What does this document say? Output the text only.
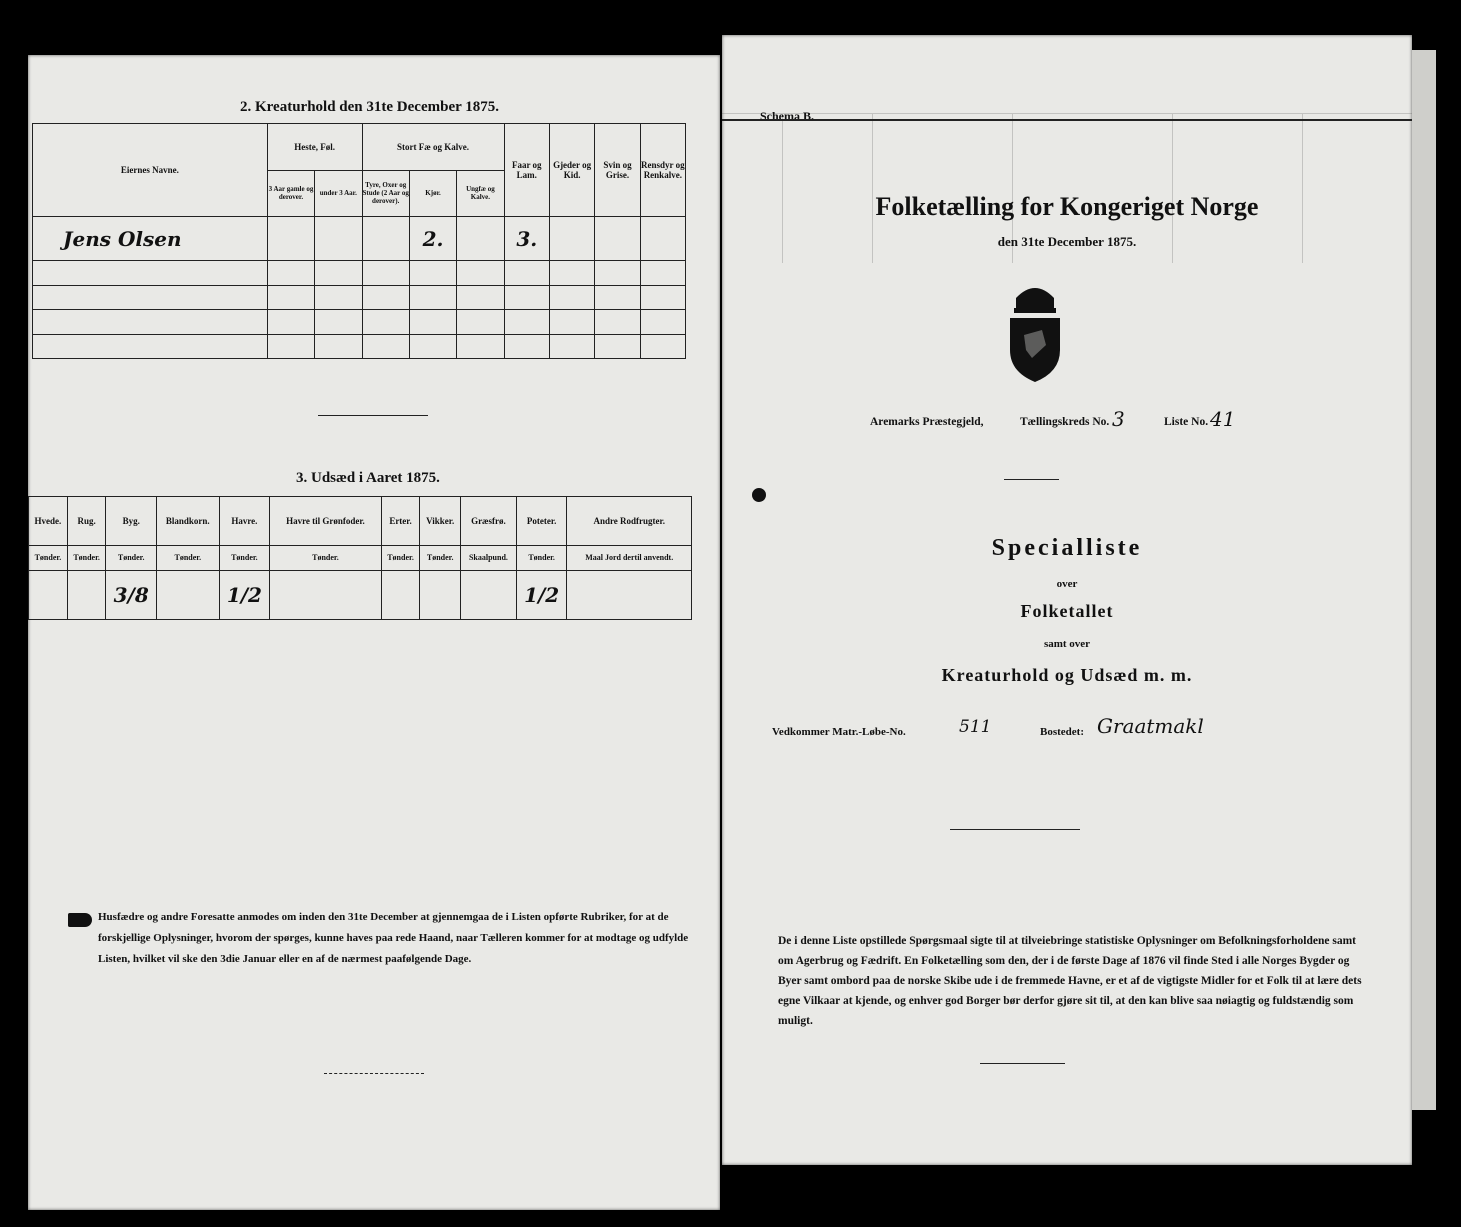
2. Kreaturhold den 31te December 1875.
Eiernes Navne.	Heste, Føl.		Stort Fæ og Kalve.			Faar og Lam.	Gjeder og Kid.	Svin og Grise.	Rensdyr og Renkalve.
	3 Aar gamle og derover.	under 3 Aar.	Tyre, Oxer og Stude (2 Aar og derover).	Kjør.	Ungfæ og Kalve.				
Jens Olsen				2.		3.			

3. Udsæd i Aaret 1875.
Hvede.	Rug.	Byg.	Blandkorn.	Havre.	Havre til Grønfoder.	Erter.	Vikker.	Græsfrø.	Poteter.	Andre Rodfrugter.
Tønder.	Tønder.	Tønder.	Tønder.	Tønder.	Tønder.	Tønder.	Tønder.	Skaalpund.	Tønder.	Maal Jord dertil anvendt.
		3/8		1/2					1/2	
Husfædre og andre Foresatte anmodes om inden den 31te December at gjennemgaa de i Listen opførte Rubriker, for at de forskjellige Oplysninger, hvorom der spørges, kunne haves paa rede Haand, naar Tælleren kommer for at modtage og udfylde Listen, hvilket vil ske den 3die Januar eller en af de nærmest paafølgende Dage.
Schema B.
Folketælling for Kongeriget Norge
den 31te December 1875.
Aremarks Præstegjeld,	Tællingskreds No. 3	Liste No. 41
Specialliste
over
Folketallet
samt over
Kreaturhold og Udsæd m. m.
Vedkommer Matr.-Løbe-No.	511	Bostedet: Graatmakl
De i denne Liste opstillede Spørgsmaal sigte til at tilveiebringe statistiske Oplysninger om Befolkningsforholdene samt om Agerbrug og Fædrift. En Folketælling som den, der i de første Dage af 1876 vil finde Sted i alle Norges Bygder og Byer samt ombord paa de norske Skibe ude i de fremmede Havne, er et af de vigtigste Midler for et Folk til at lære dets egne Vilkaar at kjende, og enhver god Borger bør derfor gjøre sit til, at den kan blive saa nøiagtig og fuldstændig som muligt.
